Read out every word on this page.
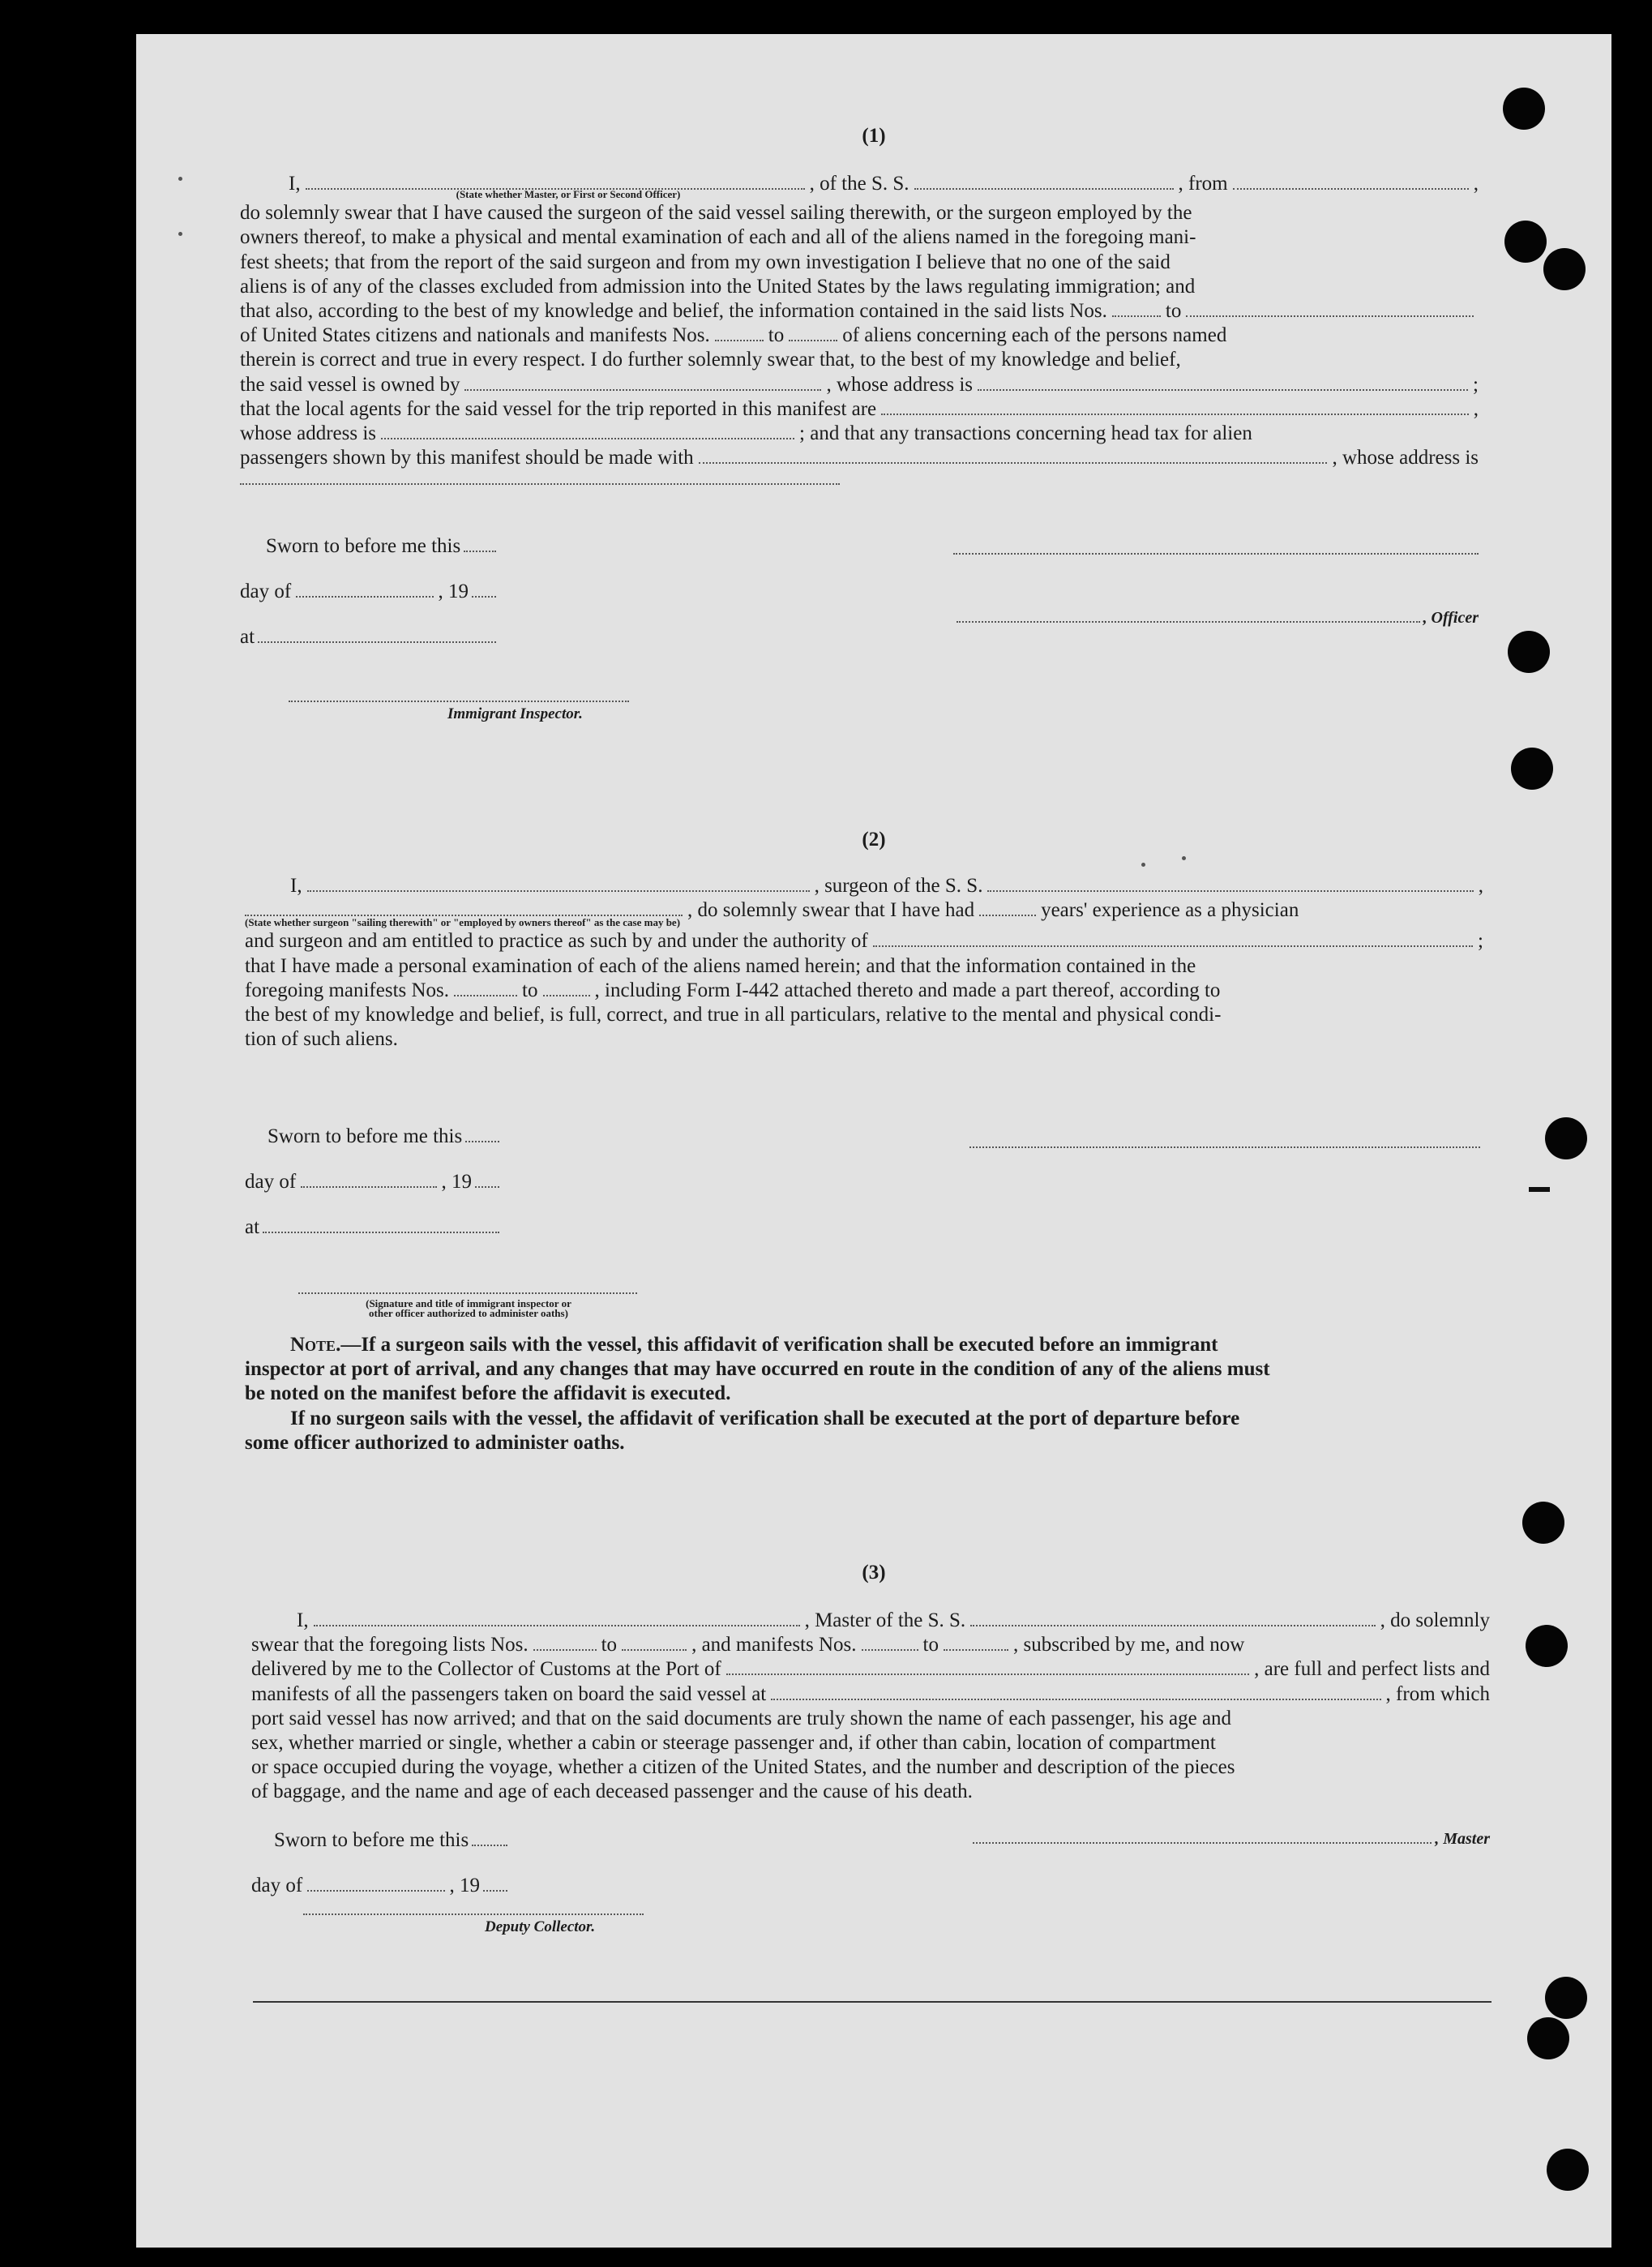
(1)
I,	, of the S. S.	, from	,
(State whether Master, or First or Second Officer)
do solemnly swear that I have caused the surgeon of the said vessel sailing therewith, or the surgeon employed by the
owners thereof, to make a physical and mental examination of each and all of the aliens named in the foregoing mani-
fest sheets; that from the report of the said surgeon and from my own investigation I believe that no one of the said
aliens is of any of the classes excluded from admission into the United States by the laws regulating immigration; and
that also, according to the best of my knowledge and belief, the information contained in the said lists Nos.	to
of United States citizens and nationals and manifests Nos.	to	of aliens concerning each of the persons named
therein is correct and true in every respect. I do further solemnly swear that, to the best of my knowledge and belief,
the said vessel is owned by	, whose address is	;
that the local agents for the said vessel for the trip reported in this manifest are	,
whose address is	; and that any transactions concerning head tax for alien
passengers shown by this manifest should be made with	, whose address is
Sworn to before me this
day of	, 19
at
, Officer
Immigrant Inspector.
(2)
I,	, surgeon of the S. S.	,
, do solemnly swear that I have had	years' experience as a physician
(State whether surgeon "sailing therewith" or "employed by owners thereof" as the case may be)
and surgeon and am entitled to practice as such by and under the authority of	;
that I have made a personal examination of each of the aliens named herein; and that the information contained in the
foregoing manifests Nos.	to	, including Form I-442 attached thereto and made a part thereof, according to
the best of my knowledge and belief, is full, correct, and true in all particulars, relative to the mental and physical condi-
tion of such aliens.
Sworn to before me this
day of	, 19
at
(Signature and title of immigrant inspector or
other officer authorized to administer oaths)
Note. —If a surgeon sails with the vessel, this affidavit of verification shall be executed before an immigrant
inspector at port of arrival, and any changes that may have occurred en route in the condition of any of the aliens must
be noted on the manifest before the affidavit is executed.
If no surgeon sails with the vessel, the affidavit of verification shall be executed at the port of departure before
some officer authorized to administer oaths.
(3)
I,	, Master of the S. S.	, do solemnly
swear that the foregoing lists Nos.	to	, and manifests Nos.	to	, subscribed by me, and now
delivered by me to the Collector of Customs at the Port of	, are full and perfect lists and
manifests of all the passengers taken on board the said vessel at	, from which
port said vessel has now arrived; and that on the said documents are truly shown the name of each passenger, his age and
sex, whether married or single, whether a cabin or steerage passenger and, if other than cabin, location of compartment
or space occupied during the voyage, whether a citizen of the United States, and the number and description of the pieces
of baggage, and the name and age of each deceased passenger and the cause of his death.
Sworn to before me this
day of	, 19
, Master
Deputy Collector.
